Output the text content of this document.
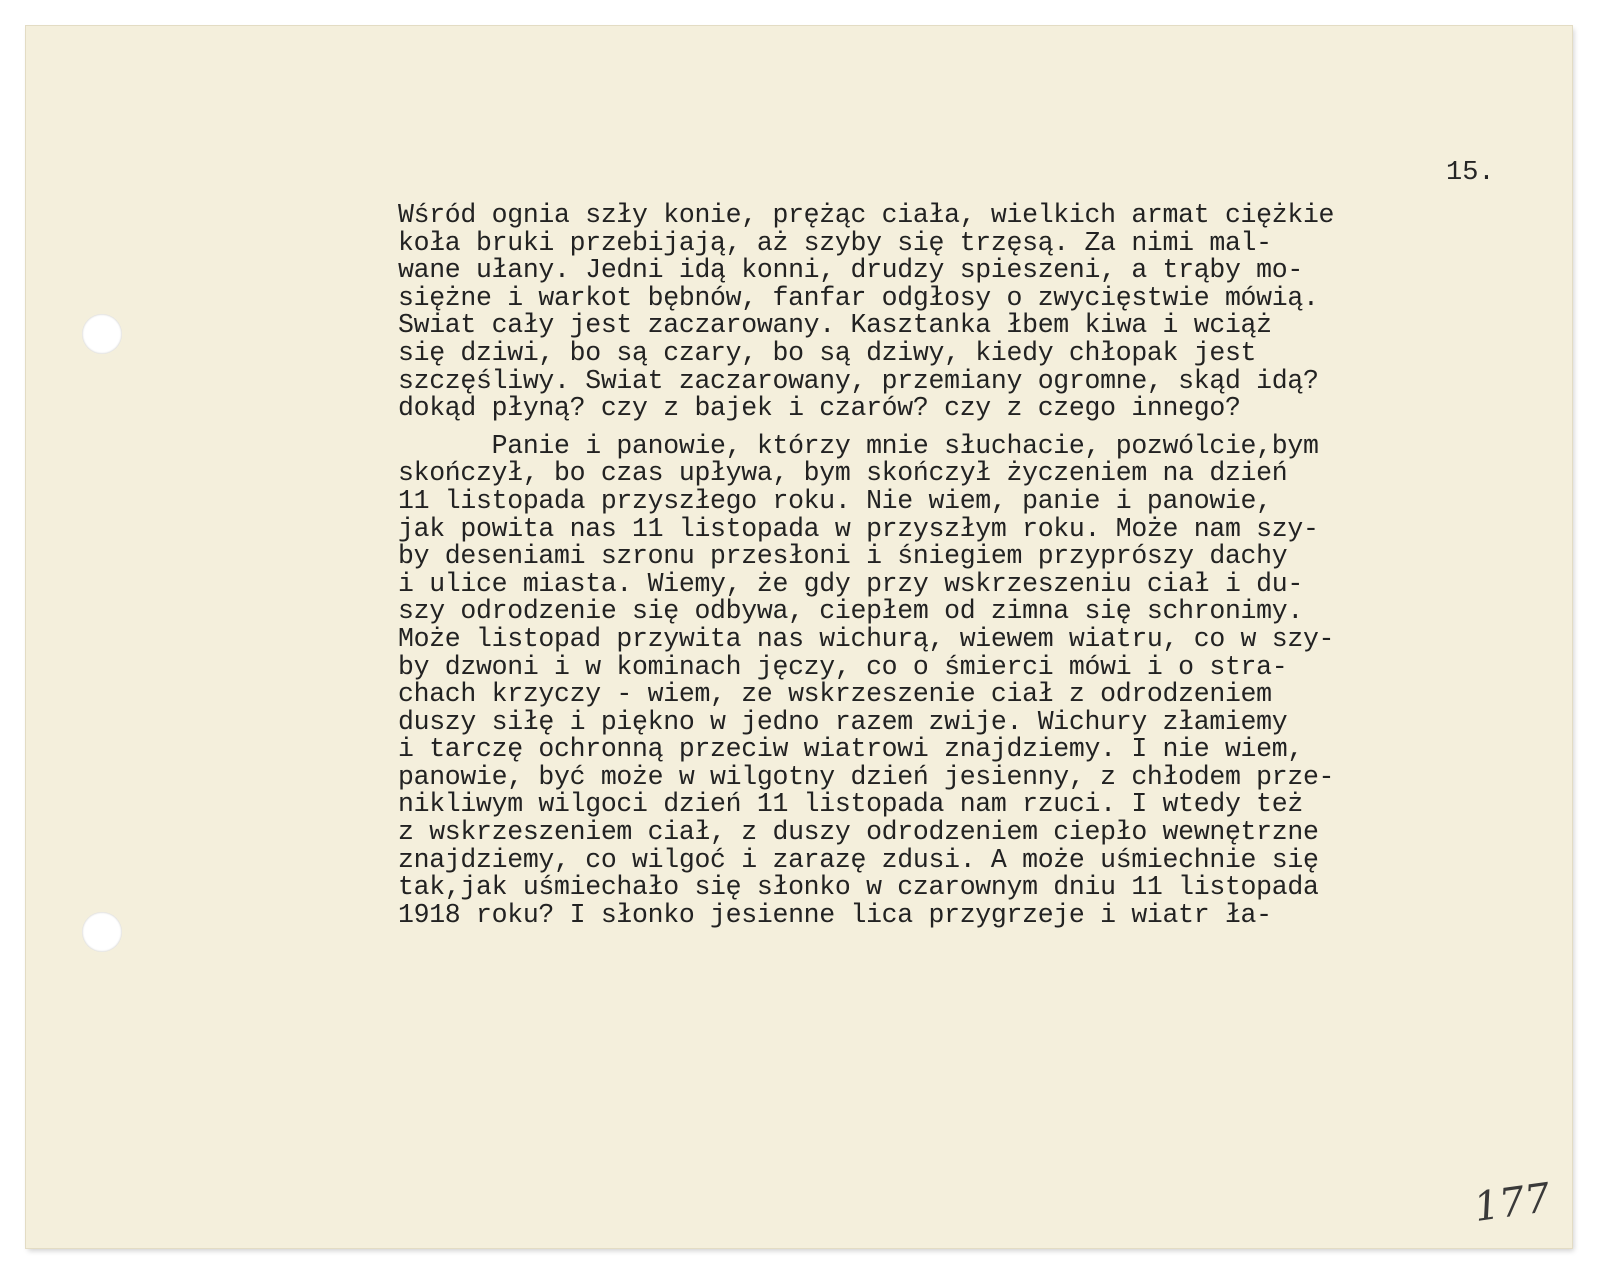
15.
Wśród ognia szły konie, prężąc ciała, wielkich armat ciężkie
koła bruki przebijają, aż szyby się trzęsą. Za nimi mal-
wane ułany. Jedni idą konni, drudzy spieszeni, a trąby mo-
siężne i warkot bębnów, fanfar odgłosy o zwycięstwie mówią.
Swiat cały jest zaczarowany. Kasztanka łbem kiwa i wciąż
się dziwi, bo są czary, bo są dziwy, kiedy chłopak jest
szczęśliwy. Swiat zaczarowany, przemiany ogromne, skąd idą?
dokąd płyną? czy z bajek i czarów? czy z czego innego?
Panie i panowie, którzy mnie słuchacie, pozwólcie,bym
skończył, bo czas upływa, bym skończył życzeniem na dzień
11 listopada przyszłego roku. Nie wiem, panie i panowie,
jak powita nas 11 listopada w przyszłym roku. Może nam szy-
by deseniami szronu przesłoni i śniegiem przyprószy dachy
i ulice miasta. Wiemy, że gdy przy wskrzeszeniu ciał i du-
szy odrodzenie się odbywa, ciepłem od zimna się schronimy.
Może listopad przywita nas wichurą, wiewem wiatru, co w szy-
by dzwoni i w kominach jęczy, co o śmierci mówi i o stra-
chach krzyczy - wiem, ze wskrzeszenie ciał z odrodzeniem
duszy siłę i piękno w jedno razem zwije. Wichury złamiemy
i tarczę ochronną przeciw wiatrowi znajdziemy. I nie wiem,
panowie, być może w wilgotny dzień jesienny, z chłodem prze-
nikliwym wilgoci dzień 11 listopada nam rzuci. I wtedy też
z wskrzeszeniem ciał, z duszy odrodzeniem ciepło wewnętrzne
znajdziemy, co wilgoć i zarazę zdusi. A może uśmiechnie się
tak,jak uśmiechało się słonko w czarownym dniu 11 listopada
1918 roku? I słonko jesienne lica przygrzeje i wiatr ła-
177
